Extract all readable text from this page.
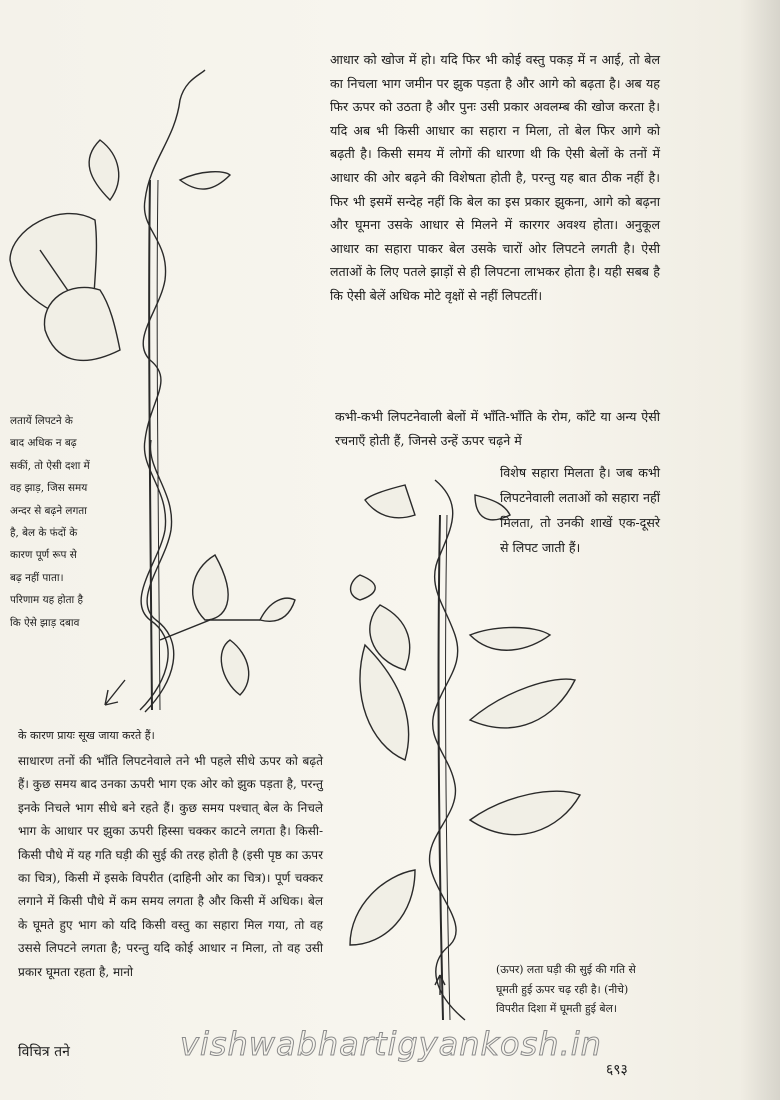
आधार को खोज में हो। यदि फिर भी कोई वस्तु पकड़ में न आई, तो बेल का निचला भाग जमीन पर झुक पड़ता है और आगे को बढ़ता है। अब यह फिर ऊपर को उठता है और पुनः उसी प्रकार अवलम्ब की खोज करता है। यदि अब भी किसी आधार का सहारा न मिला, तो बेल फिर आगे को बढ़ती है। किसी समय में लोगों की धारणा थी कि ऐसी बेलों के तनों में आधार की ओर बढ़ने की विशेषता होती है, परन्तु यह बात ठीक नहीं है। फिर भी इसमें सन्देह नहीं कि बेल का इस प्रकार झुकना, आगे को बढ़ना और घूमना उसके आधार से मिलने में कारगर अवश्य होता। अनुकूल आधार का सहारा पाकर बेल उसके चारों ओर लिपटने लगती है। ऐसी लताओं के लिए पतले झाड़ों से ही लिपटना लाभकर होता है। यही सबब है कि ऐसी बेलें अधिक मोटे वृक्षों से नहीं लिपटतीं।

कभी-कभी लिपटनेवाली बेलों में भाँति-भाँति के रोम, काँटे या अन्य ऐसी रचनाएँ होती हैं, जिनसे उन्हें ऊपर चढ़ने में

विशेष सहारा मिलता है। जब कभी लिपटनेवाली लताओं को सहारा नहीं मिलता, तो उनकी शाखें एक-दूसरे से लिपट जाती हैं।

लतायें लिपटने के बाद अधिक न बढ़ सकीं, तो ऐसी दशा में वह झाड़, जिस समय अन्दर से बढ़ने लगता है, बेल के फंदों के कारण पूर्ण रूप से बढ़ नहीं पाता। परिणाम यह होता है कि ऐसे झाड़ दबाव

के कारण प्रायः सूख जाया करते हैं।

साधारण तनों की भाँति लिपटनेवाले तने भी पहले सीधे ऊपर को बढ़ते हैं। कुछ समय बाद उनका ऊपरी भाग एक ओर को झुक पड़ता है, परन्तु इनके निचले भाग सीधे बने रहते हैं। कुछ समय पश्चात् बेल के निचले भाग के आधार पर झुका ऊपरी हिस्सा चक्कर काटने लगता है। किसी-किसी पौधे में यह गति घड़ी की सुई की तरह होती है (इसी पृष्ठ का ऊपर का चित्र), किसी में इसके विपरीत (दाहिनी ओर का चित्र)। पूर्ण चक्कर लगाने में किसी पौधे में कम समय लगता है और किसी में अधिक। बेल के घूमते हुए भाग को यदि किसी वस्तु का सहारा मिल गया, तो वह उससे लिपटने लगता है; परन्तु यदि कोई आधार न मिला, तो वह उसी प्रकार घूमता रहता है, मानो	(ऊपर) लता घड़ी की सुई की गति से घूमती हुई ऊपर चढ़ रही है। (नीचे) विपरीत दिशा में घूमती हुई बेल।

विचित्र तने	vishwabhartigyankosh.in
६९३
